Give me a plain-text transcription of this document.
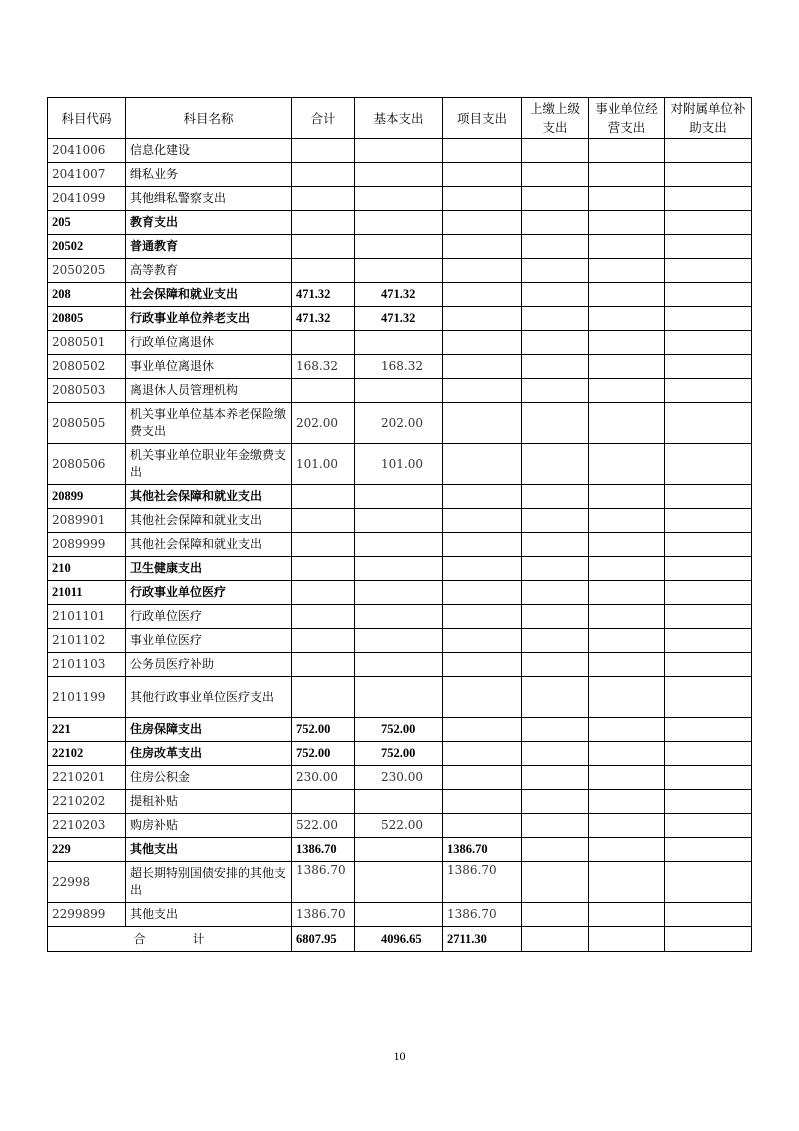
科目代码	科目名称	合计	基本支出	项目支出	上缴上级支出	事业单位经营支出	对附属单位补助支出
2041006	信息化建设						
2041007	缉私业务						
2041099	其他缉私警察支出						
205	教育支出						
20502	普通教育						
2050205	高等教育						
208	社会保障和就业支出	471.32	471.32				
20805	行政事业单位养老支出	471.32	471.32				
2080501	行政单位离退休						
2080502	事业单位离退休	168.32	168.32				
2080503	离退休人员管理机构						
2080505	机关事业单位基本养老保险缴费支出	202.00	202.00				
2080506	机关事业单位职业年金缴费支出	101.00	101.00				
20899	其他社会保障和就业支出						
2089901	其他社会保障和就业支出						
2089999	其他社会保障和就业支出						
210	卫生健康支出						
21011	行政事业单位医疗						
2101101	行政单位医疗						
2101102	事业单位医疗						
2101103	公务员医疗补助						
2101199	其他行政事业单位医疗支出						
221	住房保障支出	752.00	752.00				
22102	住房改革支出	752.00	752.00				
2210201	住房公积金	230.00	230.00				
2210202	提租补贴						
2210203	购房补贴	522.00	522.00				
229	其他支出	1386.70		1386.70			
22998	超长期特别国债安排的其他支出	1386.70		1386.70			
2299899	其他支出	1386.70		1386.70			
合 计		6807.95	4096.65	2711.30			
10
